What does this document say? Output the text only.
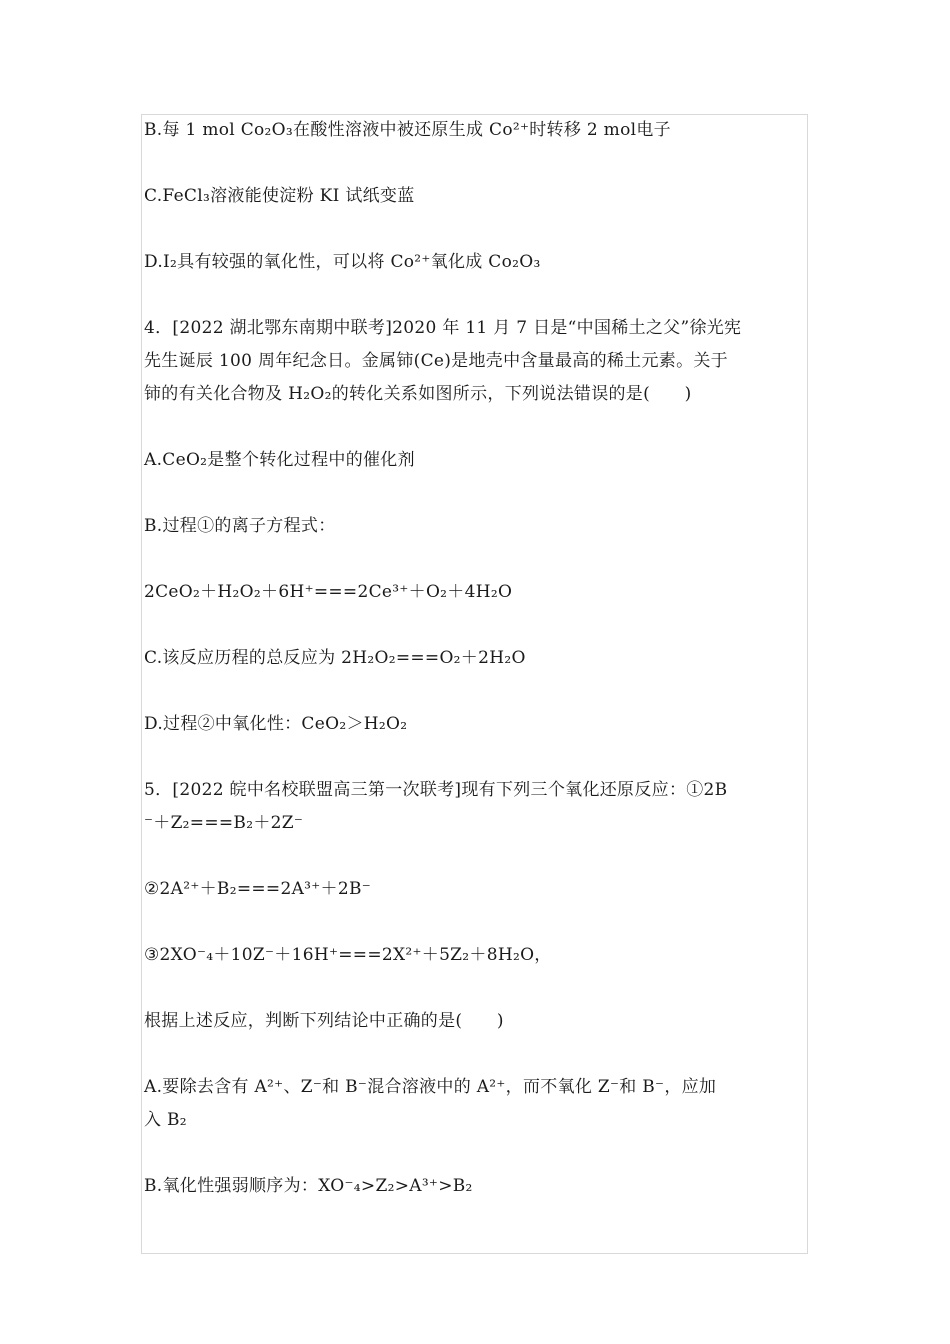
B.每 1 mol Co₂O₃在酸性溶液中被还原生成 Co²⁺时转移 2 mol电子
C.FeCl₃溶液能使淀粉 KI 试纸变蓝
D.I₂具有较强的氧化性，可以将 Co²⁺氧化成 Co₂O₃
4．[2022 湖北鄂东南期中联考]2020 年 11 月 7 日是“中国稀土之父”徐光宪
先生诞辰 100 周年纪念日。金属铈(Ce)是地壳中含量最高的稀土元素。关于
铈的有关化合物及 H₂O₂的转化关系如图所示，下列说法错误的是(　　)
A.CeO₂是整个转化过程中的催化剂
B.过程①的离子方程式：
2CeO₂＋H₂O₂＋6H⁺===2Ce³⁺＋O₂＋4H₂O
C.该反应历程的总反应为 2H₂O₂===O₂＋2H₂O
D.过程②中氧化性：CeO₂＞H₂O₂
5．[2022 皖中名校联盟高三第一次联考]现有下列三个氧化还原反应：①2B
⁻＋Z₂===B₂＋2Z⁻
②2A²⁺＋B₂===2A³⁺＋2B⁻
③2XO⁻₄＋10Z⁻＋16H⁺===2X²⁺＋5Z₂＋8H₂O，
根据上述反应，判断下列结论中正确的是(　　)
A.要除去含有 A²⁺、Z⁻和 B⁻混合溶液中的 A²⁺，而不氧化 Z⁻和 B⁻，应加
入 B₂
B.氧化性强弱顺序为：XO⁻₄>Z₂>A³⁺>B₂
